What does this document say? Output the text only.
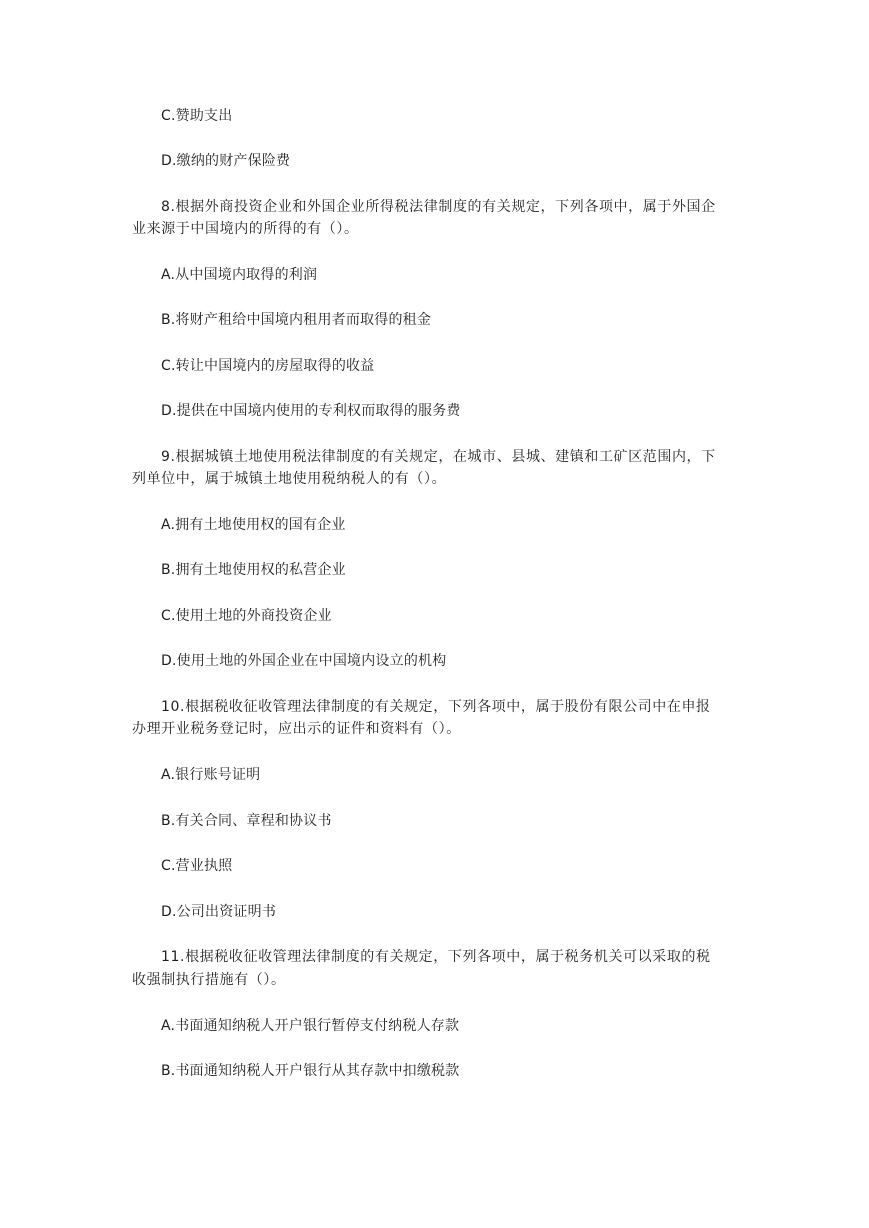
C.赞助支出
D.缴纳的财产保险费
8.根据外商投资企业和外国企业所得税法律制度的有关规定，下列各项中，属于外国企
业来源于中国境内的所得的有（）。
A.从中国境内取得的利润
B.将财产租给中国境内租用者而取得的租金
C.转让中国境内的房屋取得的收益
D.提供在中国境内使用的专利权而取得的服务费
9.根据城镇土地使用税法律制度的有关规定，在城市、县城、建镇和工矿区范围内，下
列单位中，属于城镇土地使用税纳税人的有（）。
A.拥有土地使用权的国有企业
B.拥有土地使用权的私营企业
C.使用土地的外商投资企业
D.使用土地的外国企业在中国境内设立的机构
10.根据税收征收管理法律制度的有关规定，下列各项中，属于股份有限公司中在申报
办理开业税务登记时，应出示的证件和资料有（）。
A.银行账号证明
B.有关合同、章程和协议书
C.营业执照
D.公司出资证明书
11.根据税收征收管理法律制度的有关规定，下列各项中，属于税务机关可以采取的税
收强制执行措施有（）。
A.书面通知纳税人开户银行暂停支付纳税人存款
B.书面通知纳税人开户银行从其存款中扣缴税款
